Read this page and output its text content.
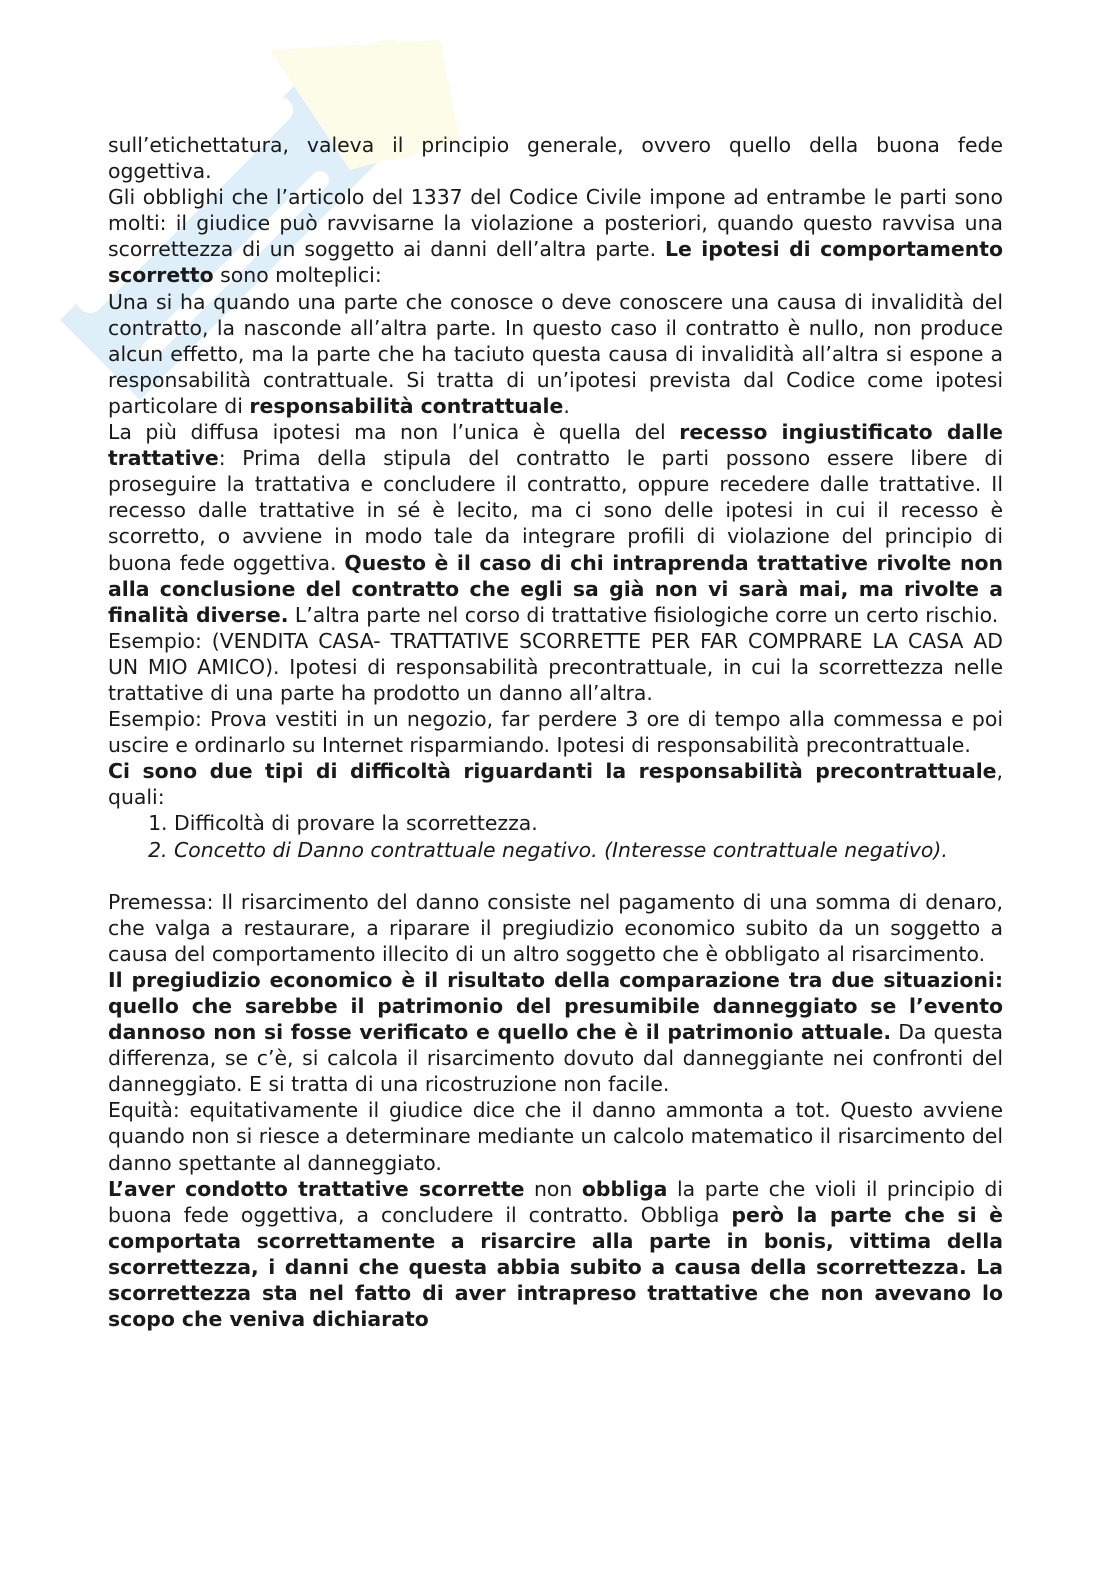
sull’etichettatura, valeva il principio generale, ovvero quello della buona fede oggettiva.

Gli obblighi che l’articolo del 1337 del Codice Civile impone ad entrambe le parti sono molti: il giudice può ravvisarne la violazione a posteriori, quando questo ravvisa una scorrettezza di un soggetto ai danni dell’altra parte. Le ipotesi di comportamento scorretto sono molteplici:

Una si ha quando una parte che conosce o deve conoscere una causa di invalidità del contratto, la nasconde all’altra parte. In questo caso il contratto è nullo, non produce alcun effetto, ma la parte che ha taciuto questa causa di invalidità all’altra si espone a responsabilità contrattuale. Si tratta di un’ipotesi prevista dal Codice come ipotesi particolare di responsabilità contrattuale.

La più diffusa ipotesi ma non l’unica è quella del recesso ingiustificato dalle trattative: Prima della stipula del contratto le parti possono essere libere di proseguire la trattativa e concludere il contratto, oppure recedere dalle trattative. Il recesso dalle trattative in sé è lecito, ma ci sono delle ipotesi in cui il recesso è scorretto, o avviene in modo tale da integrare profili di violazione del principio di buona fede oggettiva. Questo è il caso di chi intraprenda trattative rivolte non alla conclusione del contratto che egli sa già non vi sarà mai, ma rivolte a finalità diverse. L’altra parte nel corso di trattative fisiologiche corre un certo rischio.

Esempio: (VENDITA CASA- TRATTATIVE SCORRETTE PER FAR COMPRARE LA CASA AD UN MIO AMICO). Ipotesi di responsabilità precontrattuale, in cui la scorrettezza nelle trattative di una parte ha prodotto un danno all’altra.

Esempio: Prova vestiti in un negozio, far perdere 3 ore di tempo alla commessa e poi uscire e ordinarlo su Internet risparmiando. Ipotesi di responsabilità precontrattuale.

Ci sono due tipi di difficoltà riguardanti la responsabilità precontrattuale, quali:

1. Difficoltà di provare la scorrettezza.
2. Concetto di Danno contrattuale negativo. (Interesse contrattuale negativo).

Premessa: Il risarcimento del danno consiste nel pagamento di una somma di denaro, che valga a restaurare, a riparare il pregiudizio economico subito da un soggetto a causa del comportamento illecito di un altro soggetto che è obbligato al risarcimento.

Il pregiudizio economico è il risultato della comparazione tra due situazioni: quello che sarebbe il patrimonio del presumibile danneggiato se l’evento dannoso non si fosse verificato e quello che è il patrimonio attuale. Da questa differenza, se c’è, si calcola il risarcimento dovuto dal danneggiante nei confronti del danneggiato. E si tratta di una ricostruzione non facile.

Equità: equitativamente il giudice dice che il danno ammonta a tot. Questo avviene quando non si riesce a determinare mediante un calcolo matematico il risarcimento del danno spettante al danneggiato.

L’aver condotto trattative scorrette non obbliga la parte che violi il principio di buona fede oggettiva, a concludere il contratto. Obbliga però la parte che si è comportata scorrettamente a risarcire alla parte in bonis, vittima della scorrettezza, i danni che questa abbia subito a causa della scorrettezza. La scorrettezza sta nel fatto di aver intrapreso trattative che non avevano lo scopo che veniva dichiarato
